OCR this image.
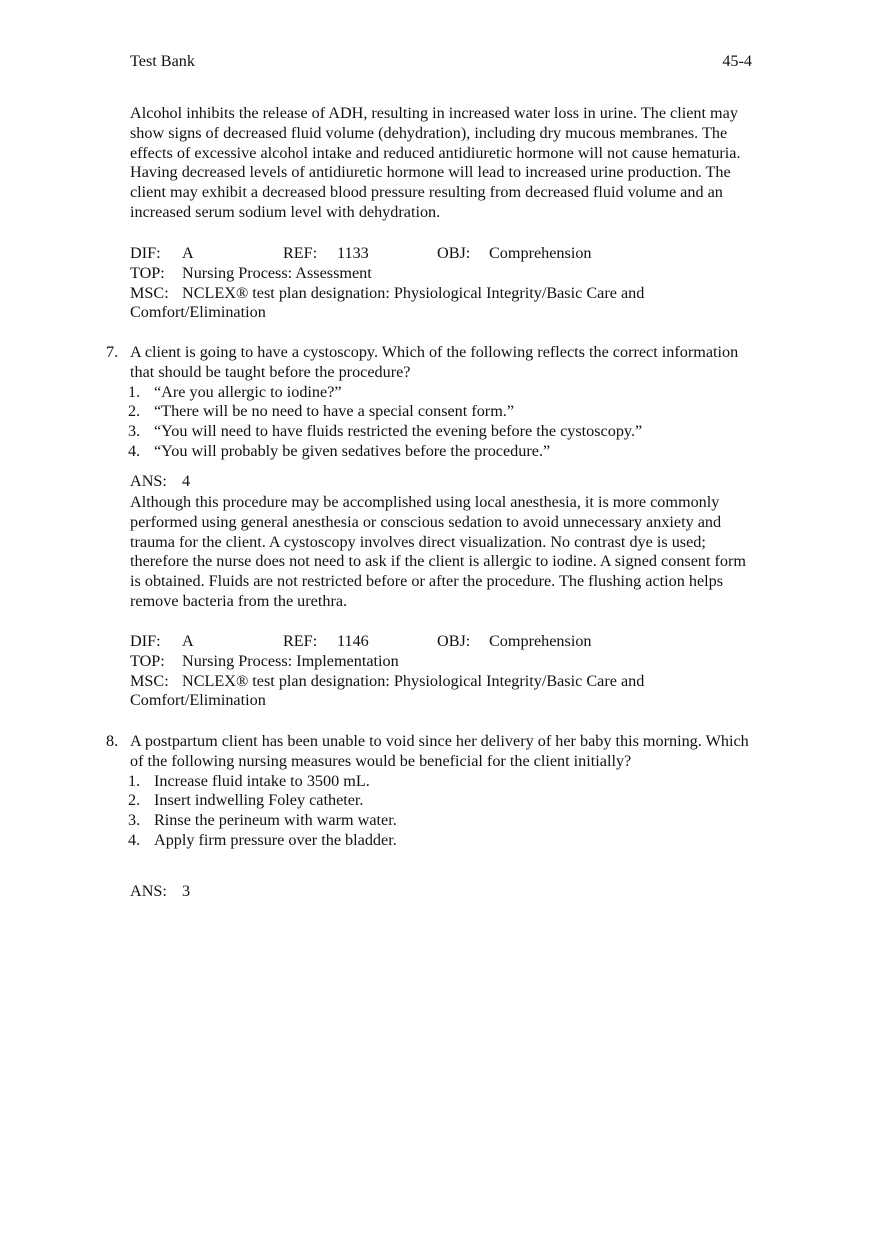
Test Bank	45-4

Alcohol inhibits the release of ADH, resulting in increased water loss in urine. The client may show signs of decreased fluid volume (dehydration), including dry mucous membranes. The effects of excessive alcohol intake and reduced antidiuretic hormone will not cause hematuria. Having decreased levels of antidiuretic hormone will lead to increased urine production. The client may exhibit a decreased blood pressure resulting from decreased fluid volume and an increased serum sodium level with dehydration.

DIF: A	REF: 1133	OBJ: Comprehension
TOP: Nursing Process: Assessment
MSC: NCLEX® test plan designation: Physiological Integrity/Basic Care and
Comfort/Elimination
7. A client is going to have a cystoscopy. Which of the following reflects the correct information that should be taught before the procedure?

1. “Are you allergic to iodine?”

2. “There will be no need to have a special consent form.”

3. “You will need to have fluids restricted the evening before the cystoscopy.”

4. “You will probably be given sedatives before the procedure.”

ANS: 4

Although this procedure may be accomplished using local anesthesia, it is more commonly performed using general anesthesia or conscious sedation to avoid unnecessary anxiety and trauma for the client. A cystoscopy involves direct visualization. No contrast dye is used; therefore the nurse does not need to ask if the client is allergic to iodine. A signed consent form is obtained. Fluids are not restricted before or after the procedure. The flushing action helps remove bacteria from the urethra.

DIF: A	REF: 1146	OBJ: Comprehension
TOP: Nursing Process: Implementation
MSC: NCLEX® test plan designation: Physiological Integrity/Basic Care and
Comfort/Elimination
8. A postpartum client has been unable to void since her delivery of her baby this morning. Which of the following nursing measures would be beneficial for the client initially?

1. Increase fluid intake to 3500 mL.

2. Insert indwelling Foley catheter.

3. Rinse the perineum with warm water.

4. Apply firm pressure over the bladder.

ANS: 3
